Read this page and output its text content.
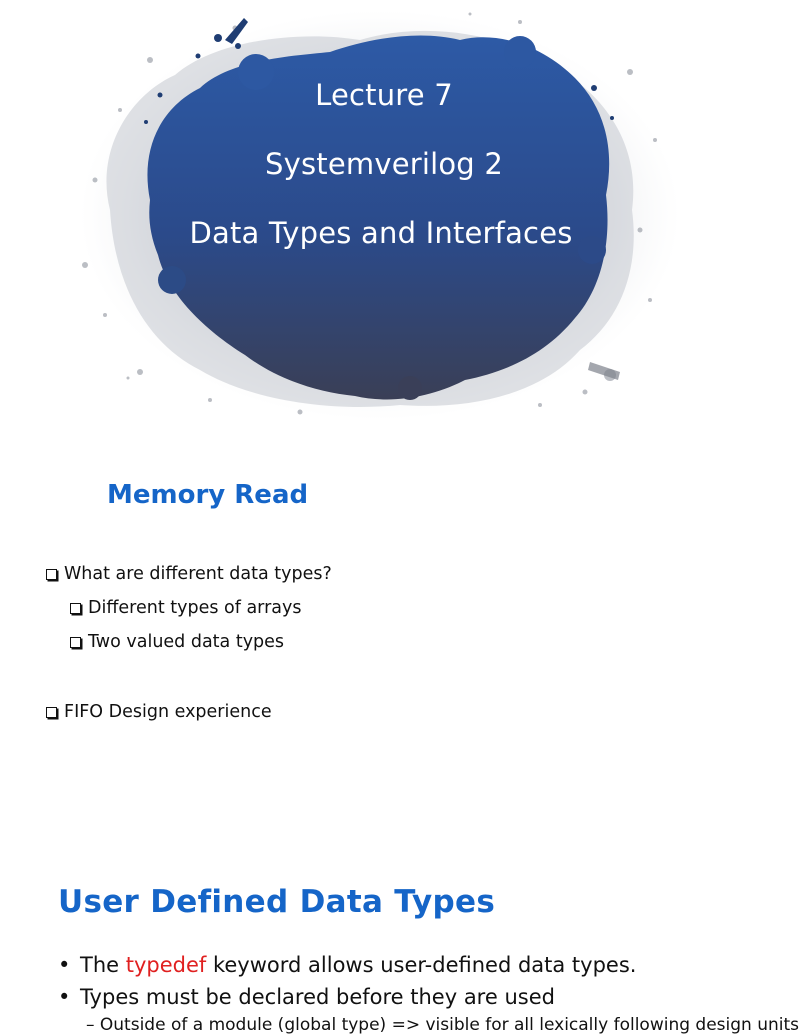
Lecture 7
Systemverilog 2
Data Types and Interfaces
Memory Read
What are different data types?
Different types of arrays
Two valued data types
FIFO Design experience
User Defined Data Types
• The typedef keyword allows user-defined data types.
• Types must be declared before they are used
– Outside of a module (global type) => visible for all lexically following design units
